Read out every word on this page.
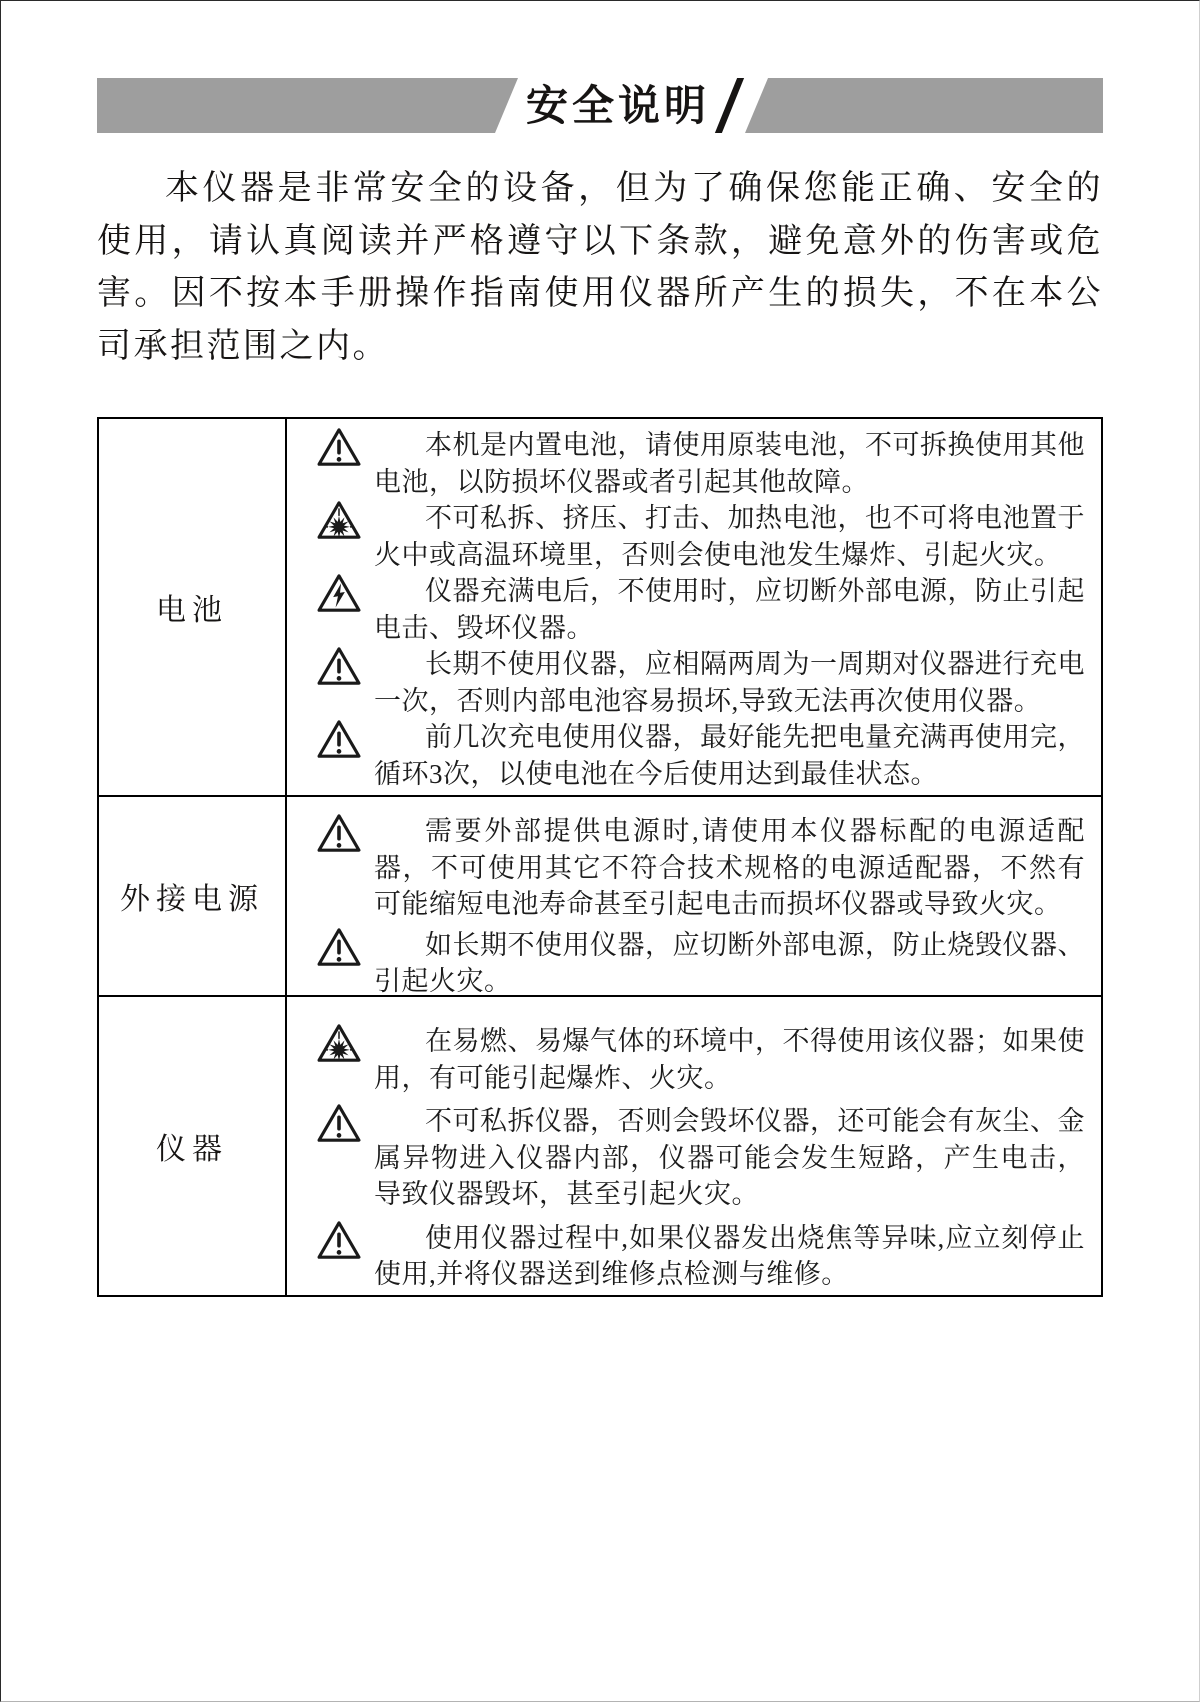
安全说明

本仪器是非常安全的设备，但为了确保您能正确、安全的使用，请认真阅读并严格遵守以下条款，避免意外的伤害或危害。因不按本手册操作指南使用仪器所产生的损失，不在本公司承担范围之内。

电池	本机是内置电池，请使用原装电池，不可拆换使用其他电池，以防损坏仪器或者引起其他故障。

不可私拆、挤压、打击、加热电池，也不可将电池置于火中或高温环境里，否则会使电池发生爆炸、引起火灾。

仪器充满电后，不使用时，应切断外部电源，防止引起电击、毁坏仪器。

长期不使用仪器，应相隔两周为一周期对仪器进行充电一次，否则内部电池容易损坏,导致无法再次使用仪器。

前几次充电使用仪器，最好能先把电量充满再使用完，循环3次，以使电池在今后使用达到最佳状态。

外接电源	需要外部提供电源时,请使用本仪器标配的电源适配器，不可使用其它不符合技术规格的电源适配器，不然有可能缩短电池寿命甚至引起电击而损坏仪器或导致火灾。

如长期不使用仪器，应切断外部电源，防止烧毁仪器、引起火灾。

仪器	在易燃、易爆气体的环境中，不得使用该仪器；如果使用，有可能引起爆炸、火灾。

不可私拆仪器，否则会毁坏仪器，还可能会有灰尘、金属异物进入仪器内部，仪器可能会发生短路，产生电击，导致仪器毁坏，甚至引起火灾。

使用仪器过程中,如果仪器发出烧焦等异味,应立刻停止使用,并将仪器送到维修点检测与维修。
